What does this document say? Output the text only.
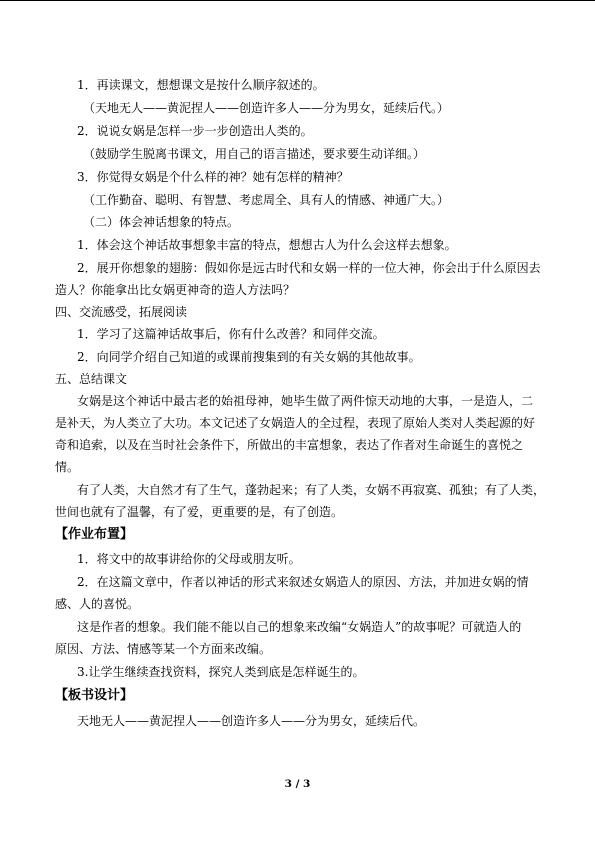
1．再读课文，想想课文是按什么顺序叙述的。
（天地无人——黄泥捏人——创造许多人——分为男女，延续后代。）
2．说说女娲是怎样一步一步创造出人类的。
（鼓励学生脱离书课文，用自己的语言描述，要求要生动详细。）
3．你觉得女娲是个什么样的神？她有怎样的精神？
（工作勤奋、聪明、有智慧、考虑周全、具有人的情感、神通广大。）
（二）体会神话想象的特点。
1．体会这个神话故事想象丰富的特点，想想古人为什么会这样去想象。
2．展开你想象的翅膀：假如你是远古时代和女娲一样的一位大神，你会出于什么原因去
造人？你能拿出比女娲更神奇的造人方法吗？
四、交流感受，拓展阅读
1．学习了这篇神话故事后，你有什么改善？和同伴交流。
2．向同学介绍自己知道的或课前搜集到的有关女娲的其他故事。
五、总结课文
女娲是这个神话中最古老的始祖母神，她毕生做了两件惊天动地的大事，一是造人，二
是补天，为人类立了大功。本文记述了女娲造人的全过程，表现了原始人类对人类起源的好
奇和追索，以及在当时社会条件下，所做出的丰富想象，表达了作者对生命诞生的喜悦之
情。
有了人类，大自然才有了生气，蓬勃起来；有了人类，女娲不再寂寞、孤独；有了人类，
世间也就有了温馨，有了爱，更重要的是，有了创造。
【作业布置】
1．将文中的故事讲给你的父母或朋友听。
2．在这篇文章中，作者以神话的形式来叙述女娲造人的原因、方法，并加进女娲的情
感、人的喜悦。
这是作者的想象。我们能不能以自己的想象来改编“女娲造人”的故事呢？可就造人的
原因、方法、情感等某一个方面来改编。
3.让学生继续查找资料，探究人类到底是怎样诞生的。
【板书设计】
天地无人——黄泥捏人——创造许多人——分为男女，延续后代。
3 / 3
